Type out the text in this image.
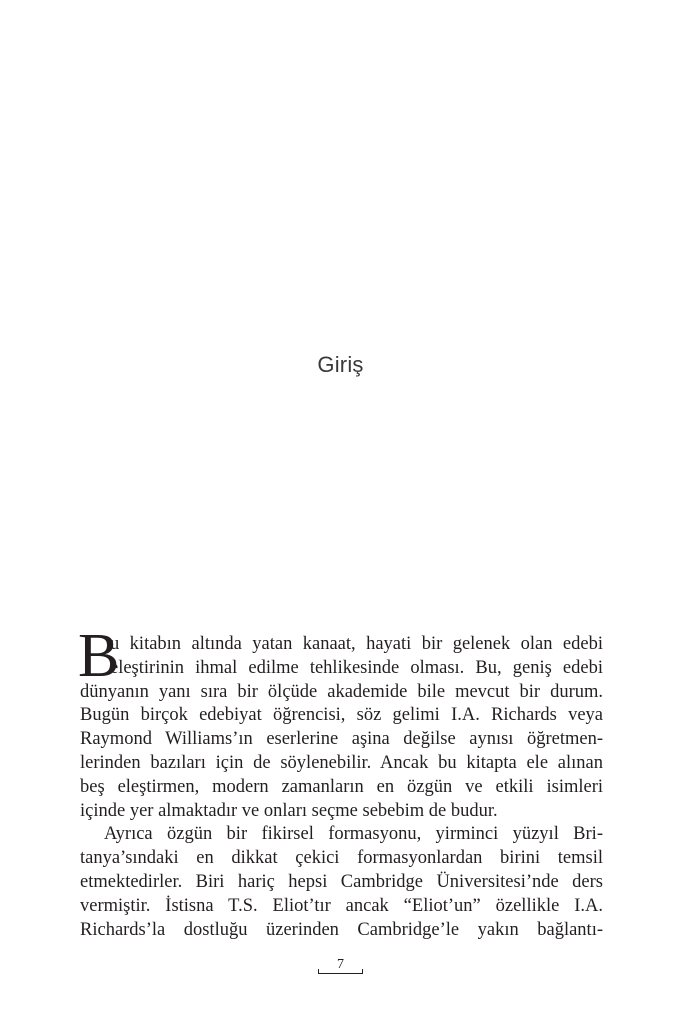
Giriş
B
u kitabın altında yatan kanaat, hayati bir gelenek olan edebi
eleştirinin ihmal edilme tehlikesinde olması. Bu, geniş edebi
dünyanın yanı sıra bir ölçüde akademide bile mevcut bir durum.
Bugün birçok edebiyat öğrencisi, söz gelimi I.A. Richards veya
Raymond Williams’ın eserlerine aşina değilse aynısı öğretmen-
lerinden bazıları için de söylenebilir. Ancak bu kitapta ele alınan
beş eleştirmen, modern zamanların en özgün ve etkili isimleri
içinde yer almaktadır ve onları seçme sebebim de budur.
Ayrıca özgün bir fikirsel formasyonu, yirminci yüzyıl Bri-
tanya’sındaki en dikkat çekici formasyonlardan birini temsil
etmektedirler. Biri hariç hepsi Cambridge Üniversitesi’nde ders
vermiştir. İstisna T.S. Eliot’tır ancak “Eliot’un” özellikle I.A.
Richards’la dostluğu üzerinden Cambridge’le yakın bağlantı-
7
